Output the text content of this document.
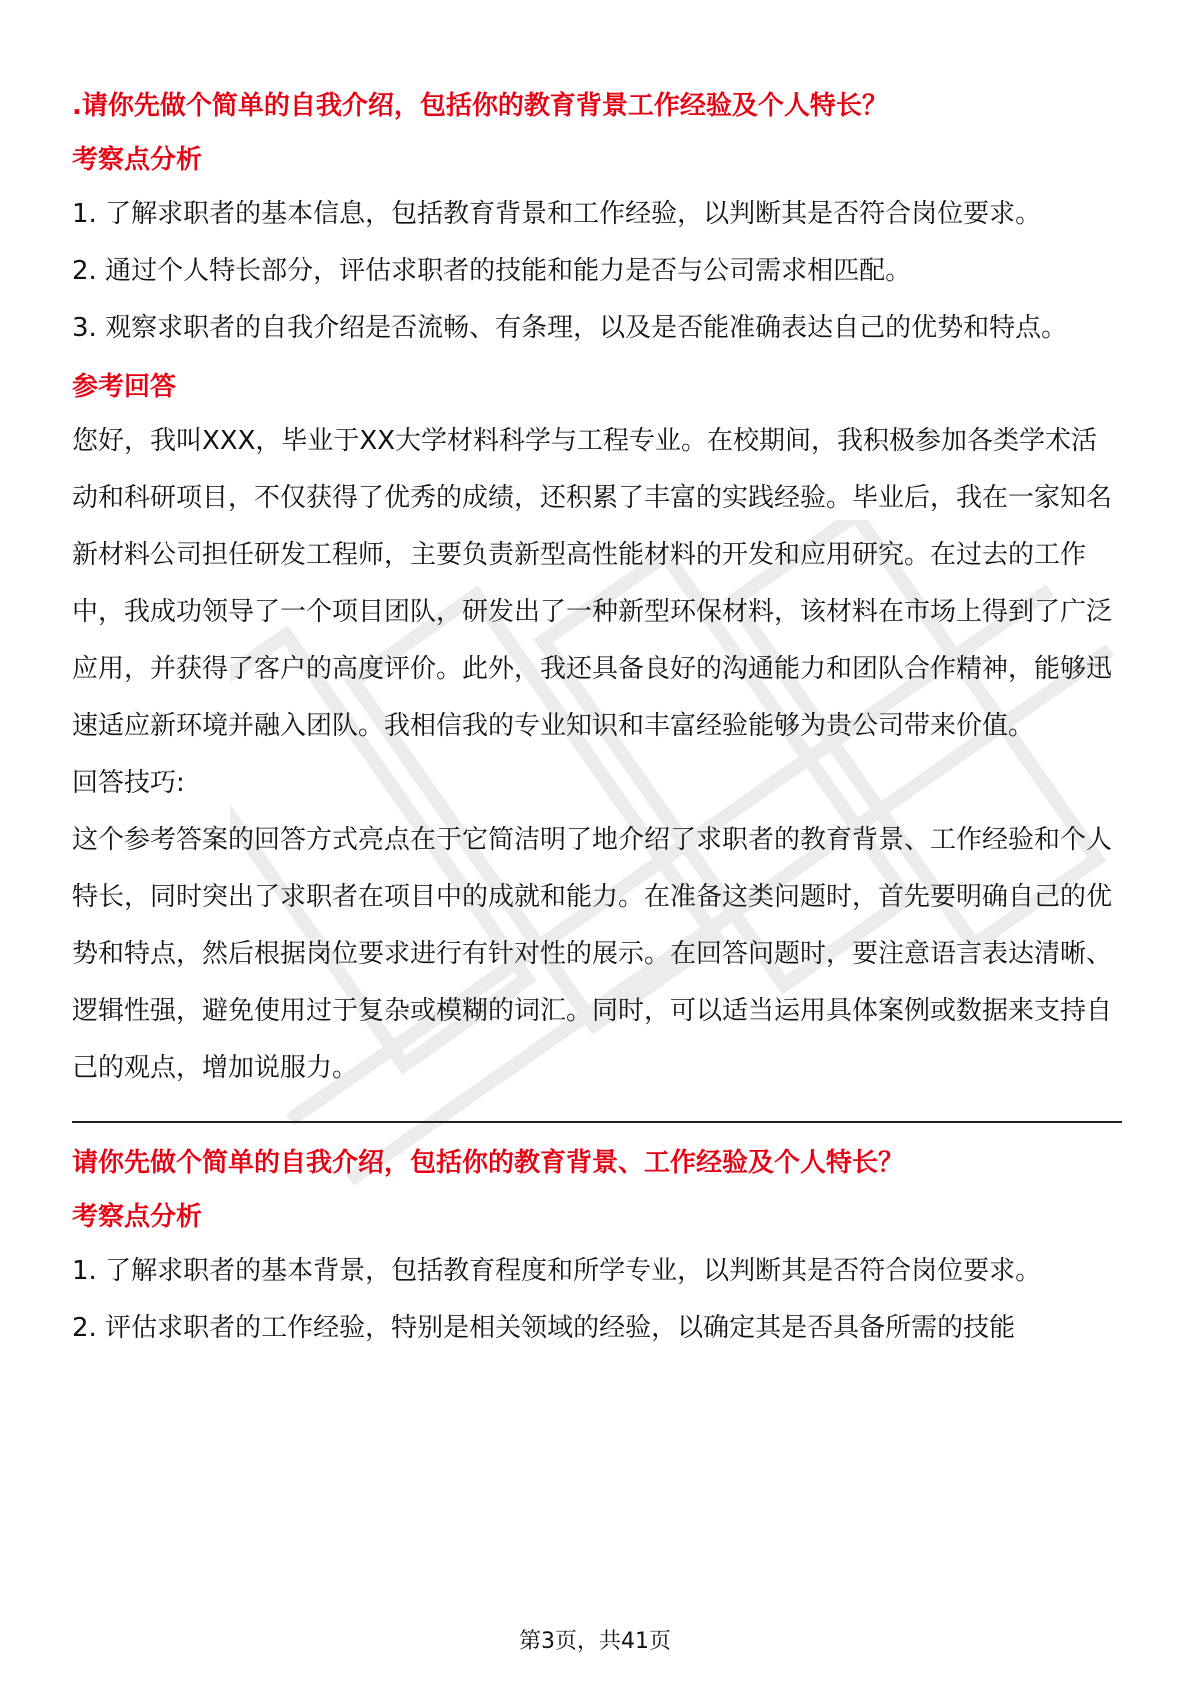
.请你先做个简单的自我介绍，包括你的教育背景工作经验及个人特长？
考察点分析

1. 了解求职者的基本信息，包括教育背景和工作经验，以判断其是否符合岗位要求。

2. 通过个人特长部分，评估求职者的技能和能力是否与公司需求相匹配。

3. 观察求职者的自我介绍是否流畅、有条理，以及是否能准确表达自己的优势和特点。

参考回答

您好，我叫XXX，毕业于XX大学材料科学与工程专业。在校期间，我积极参加各类学术活动和科研项目，不仅获得了优秀的成绩，还积累了丰富的实践经验。毕业后，我在一家知名新材料公司担任研发工程师，主要负责新型高性能材料的开发和应用研究。在过去的工作中，我成功领导了一个项目团队，研发出了一种新型环保材料，该材料在市场上得到了广泛应用，并获得了客户的高度评价。此外，我还具备良好的沟通能力和团队合作精神，能够迅速适应新环境并融入团队。我相信我的专业知识和丰富经验能够为贵公司带来价值。

回答技巧:

这个参考答案的回答方式亮点在于它简洁明了地介绍了求职者的教育背景、工作经验和个人特长，同时突出了求职者在项目中的成就和能力。在准备这类问题时，首先要明确自己的优势和特点，然后根据岗位要求进行有针对性的展示。在回答问题时，要注意语言表达清晰、逻辑性强，避免使用过于复杂或模糊的词汇。同时，可以适当运用具体案例或数据来支持自己的观点，增加说服力。

请你先做个简单的自我介绍，包括你的教育背景、工作经验及个人特长？
考察点分析

1. 了解求职者的基本背景，包括教育程度和所学专业，以判断其是否符合岗位要求。

2. 评估求职者的工作经验，特别是相关领域的经验，以确定其是否具备所需的技能

第3页，共41页
